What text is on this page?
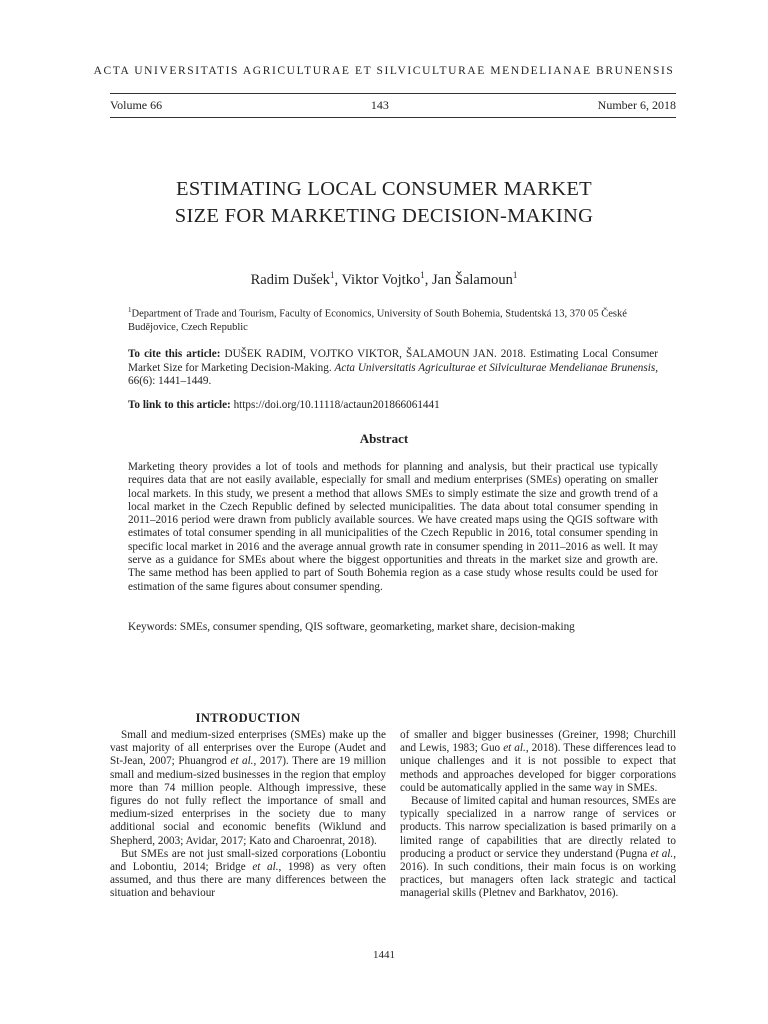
ACTA UNIVERSITATIS AGRICULTURAE ET SILVICULTURAE MENDELIANAE BRUNENSIS
Volume 66	143	Number 6, 2018
ESTIMATING LOCAL CONSUMER MARKET
SIZE FOR MARKETING DECISION-MAKING
Radim Dušek$^1$, Viktor Vojtko$^1$, Jan Šalamoun$^1$
$^1$Department of Trade and Tourism, Faculty of Economics, University of South Bohemia, Studentská 13, 370 05 České Budějovice, Czech Republic
To cite this article: DUŠEK RADIM, VOJTKO VIKTOR, ŠALAMOUN JAN. 2018. Estimating Local Consumer Market Size for Marketing Decision-Making. Acta Universitatis Agriculturae et Silviculturae Mendelianae Brunensis, 66(6): 1441–1449.
To link to this article: https://doi.org/10.11118/actaun201866061441
Abstract
Marketing theory provides a lot of tools and methods for planning and analysis, but their practical use typically requires data that are not easily available, especially for small and medium enterprises (SMEs) operating on smaller local markets. In this study, we present a method that allows SMEs to simply estimate the size and growth trend of a local market in the Czech Republic defined by selected municipalities. The data about total consumer spending in 2011–2016 period were drawn from publicly available sources. We have created maps using the QGIS software with estimates of total consumer spending in all municipalities of the Czech Republic in 2016, total consumer spending in specific local market in 2016 and the average annual growth rate in consumer spending in 2011–2016 as well. It may serve as a guidance for SMEs about where the biggest opportunities and threats in the market size and growth are. The same method has been applied to part of South Bohemia region as a case study whose results could be used for estimation of the same figures about consumer spending.
Keywords: SMEs, consumer spending, QIS software, geomarketing, market share, decision-making
INTRODUCTION

Small and medium-sized enterprises (SMEs) make up the vast majority of all enterprises over the Europe (Audet and St-Jean, 2007; Phuangrod et al., 2017). There are 19 million small and medium-sized businesses in the region that employ more than 74 million people. Although impressive, these figures do not fully reflect the importance of small and medium-sized enterprises in the society due to many additional social and economic benefits (Wiklund and Shepherd, 2003; Avidar, 2017; Kato and Charoenrat, 2018).

But SMEs are not just small-sized corporations (Lobontiu and Lobontiu, 2014; Bridge et al., 1998) as very often assumed, and thus there are many differences between the situation and behaviour

of smaller and bigger businesses (Greiner, 1998; Churchill and Lewis, 1983; Guo et al., 2018). These differences lead to unique challenges and it is not possible to expect that methods and approaches developed for bigger corporations could be automatically applied in the same way in SMEs.

Because of limited capital and human resources, SMEs are typically specialized in a narrow range of services or products. This narrow specialization is based primarily on a limited range of capabilities that are directly related to producing a product or service they understand (Pugna et al., 2016). In such conditions, their main focus is on working practices, but managers often lack strategic and tactical managerial skills (Pletnev and Barkhatov, 2016).

1441
